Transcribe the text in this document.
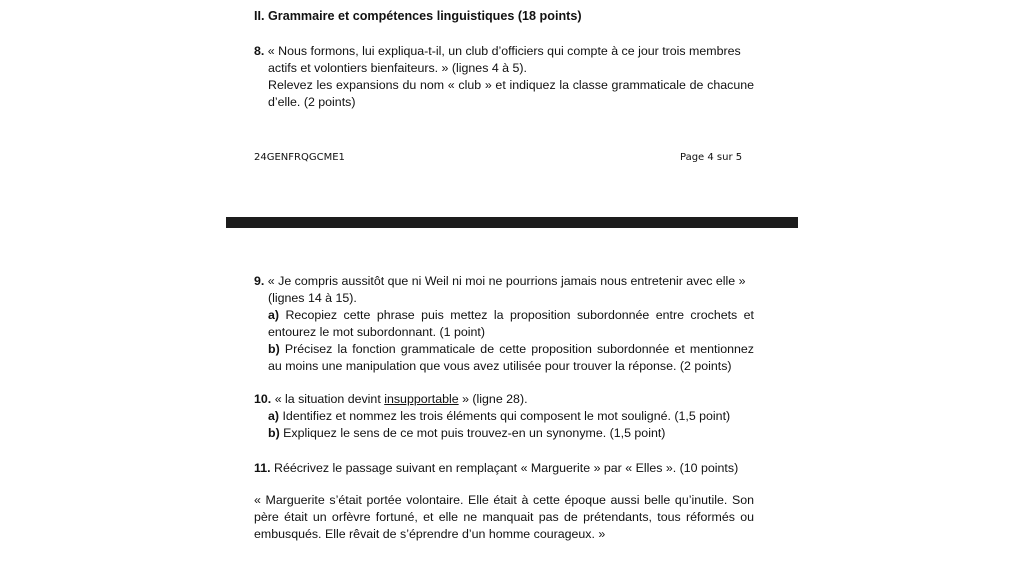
II. Grammaire et compétences linguistiques (18 points)
8. « Nous formons, lui expliqua-t-il, un club d’officiers qui compte à ce jour trois membres
actifs et volontiers bienfaiteurs. » (lignes 4 à 5).
Relevez les expansions du nom « club » et indiquez la classe grammaticale de chacune d’elle. (2 points)
24GENFRQGCME1	Page 4 sur 5
9. « Je compris aussitôt que ni Weil ni moi ne pourrions jamais nous entretenir avec elle »
(lignes 14 à 15).
a) Recopiez cette phrase puis mettez la proposition subordonnée entre crochets et entourez le mot subordonnant. (1 point)
b) Précisez la fonction grammaticale de cette proposition subordonnée et mentionnez au moins une manipulation que vous avez utilisée pour trouver la réponse. (2 points)
10. « la situation devint insupportable » (ligne 28).
a) Identifiez et nommez les trois éléments qui composent le mot souligné. (1,5 point)
b) Expliquez le sens de ce mot puis trouvez-en un synonyme. (1,5 point)
11. Réécrivez le passage suivant en remplaçant « Marguerite » par « Elles ». (10 points)
« Marguerite s’était portée volontaire. Elle était à cette époque aussi belle qu’inutile. Son père était un orfèvre fortuné, et elle ne manquait pas de prétendants, tous réformés ou embusqués. Elle rêvait de s’éprendre d’un homme courageux. »
